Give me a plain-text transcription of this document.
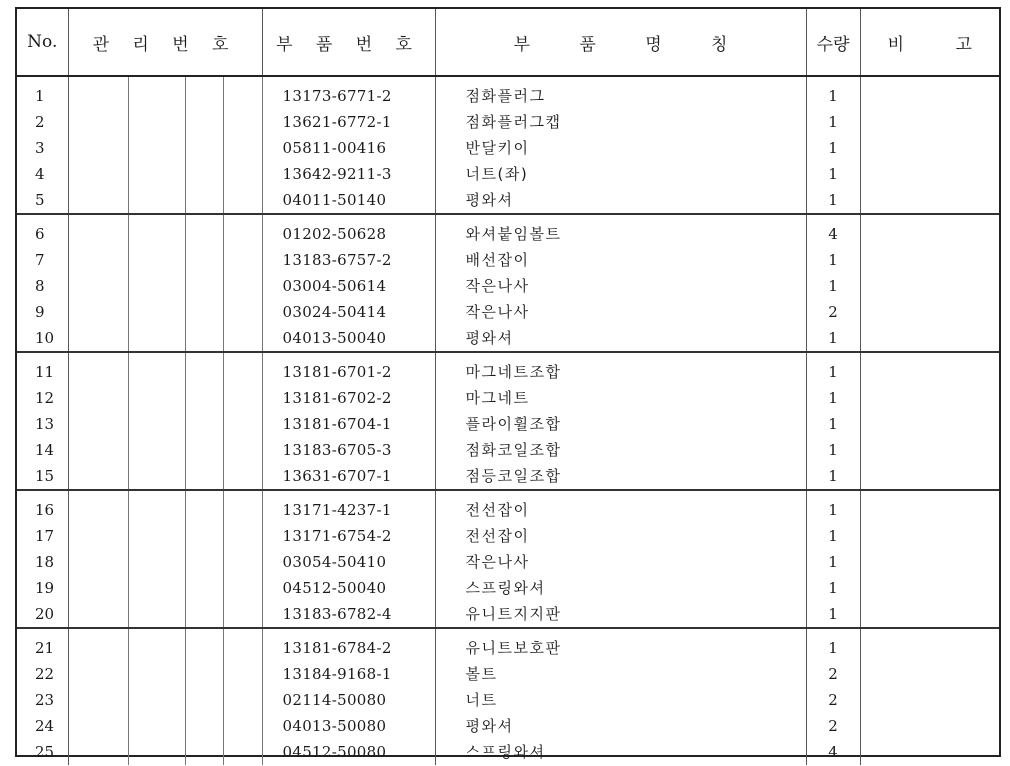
No.	관 리 번 호				부 품 번 호	부 품 명 칭	수량	비 고
1					13173-6771-2	점화플러그	1	
2					13621-6772-1	점화플러그캡	1	
3					05811-00416	반달키이	1	
4					13642-9211-3	너트(좌)	1	
5					04011-50140	평와셔	1	
6					01202-50628	와셔붙임볼트	4	
7					13183-6757-2	배선잡이	1	
8					03004-50614	작은나사	1	
9					03024-50414	작은나사	2	
10					04013-50040	평와셔	1	
11					13181-6701-2	마그네트조합	1	
12					13181-6702-2	마그네트	1	
13					13181-6704-1	플라이휠조합	1	
14					13183-6705-3	점화코일조합	1	
15					13631-6707-1	점등코일조합	1	
16					13171-4237-1	전선잡이	1	
17					13171-6754-2	전선잡이	1	
18					03054-50410	작은나사	1	
19					04512-50040	스프링와셔	1	
20					13183-6782-4	유니트지지판	1	
21					13181-6784-2	유니트보호판	1	
22					13184-9168-1	볼트	2	
23					02114-50080	너트	2	
24					04013-50080	평와셔	2	
25					04512-50080	스프링와셔	4	
